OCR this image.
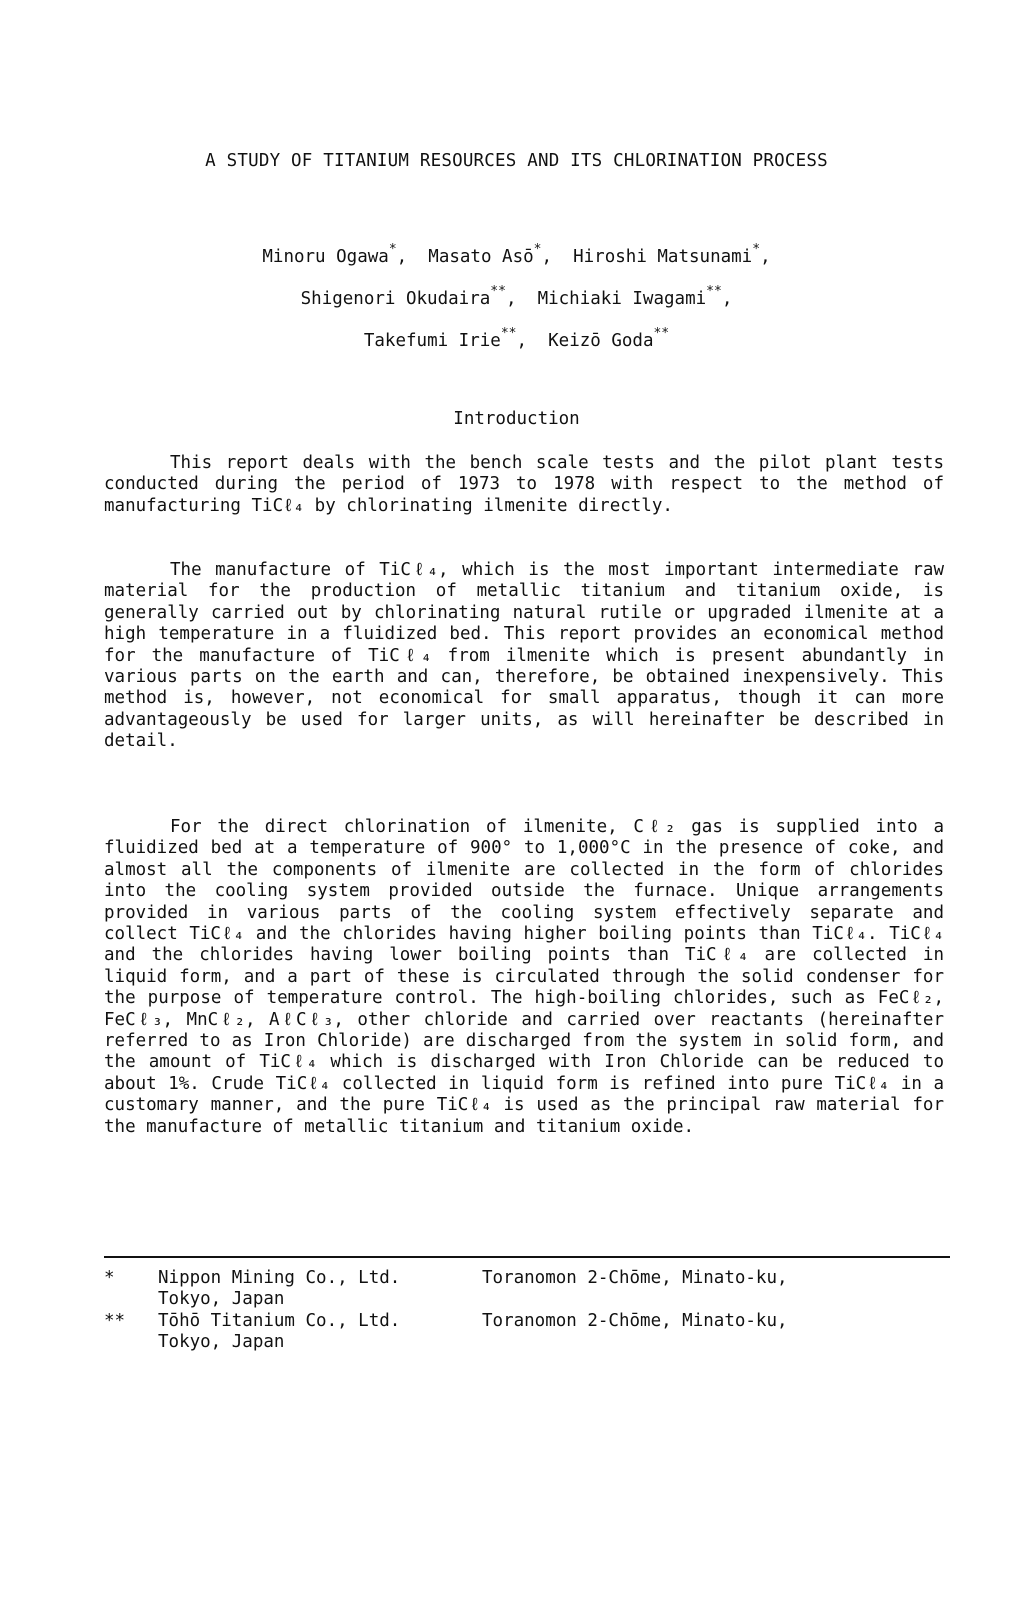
A STUDY OF TITANIUM RESOURCES AND ITS CHLORINATION PROCESS
Minoru Ogawa*, Masato Asō*, Hiroshi Matsunami*,
Shigenori Okudaira**, Michiaki Iwagami**,
Takefumi Irie**, Keizō Goda**
Introduction

This report deals with the bench scale tests and the pilot plant tests conducted during the period of 1973 to 1978 with respect to the method of manufacturing TiCℓ₄ by chlorinating ilmenite directly.

The manufacture of TiCℓ₄, which is the most important intermediate raw material for the production of metallic titanium and titanium oxide, is generally carried out by chlorinating natural rutile or upgraded ilmenite at a high temperature in a fluidized bed. This report provides an economical method for the manufacture of TiCℓ₄ from ilmenite which is present abundantly in various parts on the earth and can, therefore, be obtained inexpensively. This method is, however, not economical for small apparatus, though it can more advantageously be used for larger units, as will hereinafter be described in detail.

For the direct chlorination of ilmenite, Cℓ₂ gas is supplied into a fluidized bed at a temperature of 900° to 1,000°C in the presence of coke, and almost all the components of ilmenite are collected in the form of chlorides into the cooling system provided outside the furnace. Unique arrangements provided in various parts of the cooling system effectively separate and collect TiCℓ₄ and the chlorides having higher boiling points than TiCℓ₄. TiCℓ₄ and the chlorides having lower boiling points than TiCℓ₄ are collected in liquid form, and a part of these is circulated through the solid condenser for the purpose of temperature control. The high-boiling chlorides, such as FeCℓ₂, FeCℓ₃, MnCℓ₂, AℓCℓ₃, other chloride and carried over reactants (hereinafter referred to as Iron Chloride) are discharged from the system in solid form, and the amount of TiCℓ₄ which is discharged with Iron Chloride can be reduced to about 1%. Crude TiCℓ₄ collected in liquid form is refined into pure TiCℓ₄ in a customary manner, and the pure TiCℓ₄ is used as the principal raw material for the manufacture of metallic titanium and titanium oxide.

*	Nippon Mining Co., Ltd.	Toranomon 2-Chōme, Minato-ku,
Tokyo, Japan
**	Tōhō Titanium Co., Ltd.	Toranomon 2-Chōme, Minato-ku,
Tokyo, Japan
